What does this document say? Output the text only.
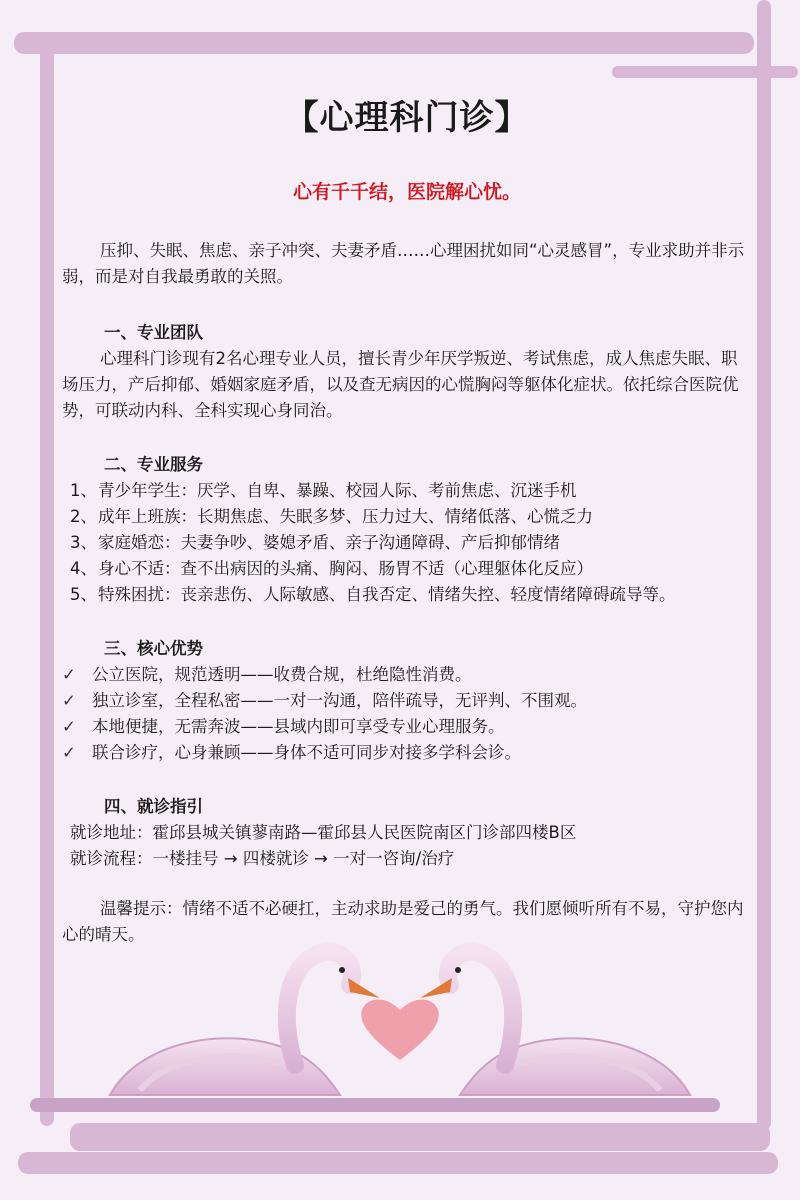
【心理科门诊】

心有千千结，医院解心忧。

压抑、失眠、焦虑、亲子冲突、夫妻矛盾……心理困扰如同“心灵感冒”，专业求助并非示弱，而是对自我最勇敢的关照。

一、专业团队

心理科门诊现有2名心理专业人员，擅长青少年厌学叛逆、考试焦虑，成人焦虑失眠、职场压力，产后抑郁、婚姻家庭矛盾，以及查无病因的心慌胸闷等躯体化症状。依托综合医院优势，可联动内科、全科实现心身同治。

二、专业服务
1、 青少年学生： 厌学、自卑、暴躁、校园人际、考前焦虑、沉迷手机
2、 成年上班族： 长期焦虑、失眠多梦、压力过大、情绪低落、心慌乏力
3、 家庭婚恋： 夫妻争吵、婆媳矛盾、亲子沟通障碍、产后抑郁情绪
4、 身心不适： 查不出病因的头痛、胸闷、肠胃不适（心理躯体化反应）
5、 特殊困扰： 丧亲悲伤、人际敏感、自我否定、情绪失控、轻度情绪障碍疏导等。
三、核心优势
✓ 公立医院，规范透明——收费合规，杜绝隐性消费。
✓ 独立诊室，全程私密——一对一沟通，陪伴疏导，无评判、不围观。
✓ 本地便捷，无需奔波——县域内即可享受专业心理服务。
✓ 联合诊疗，心身兼顾——身体不适可同步对接多学科会诊。
四、就诊指引
就诊地址：霍邱县城关镇蓼南路—霍邱县人民医院南区门诊部四楼B区
就诊流程：一楼挂号 → 四楼就诊 → 一对一咨询/治疗

温馨提示：情绪不适不必硬扛，主动求助是爱己的勇气。我们愿倾听所有不易，守护您内心的晴天。
